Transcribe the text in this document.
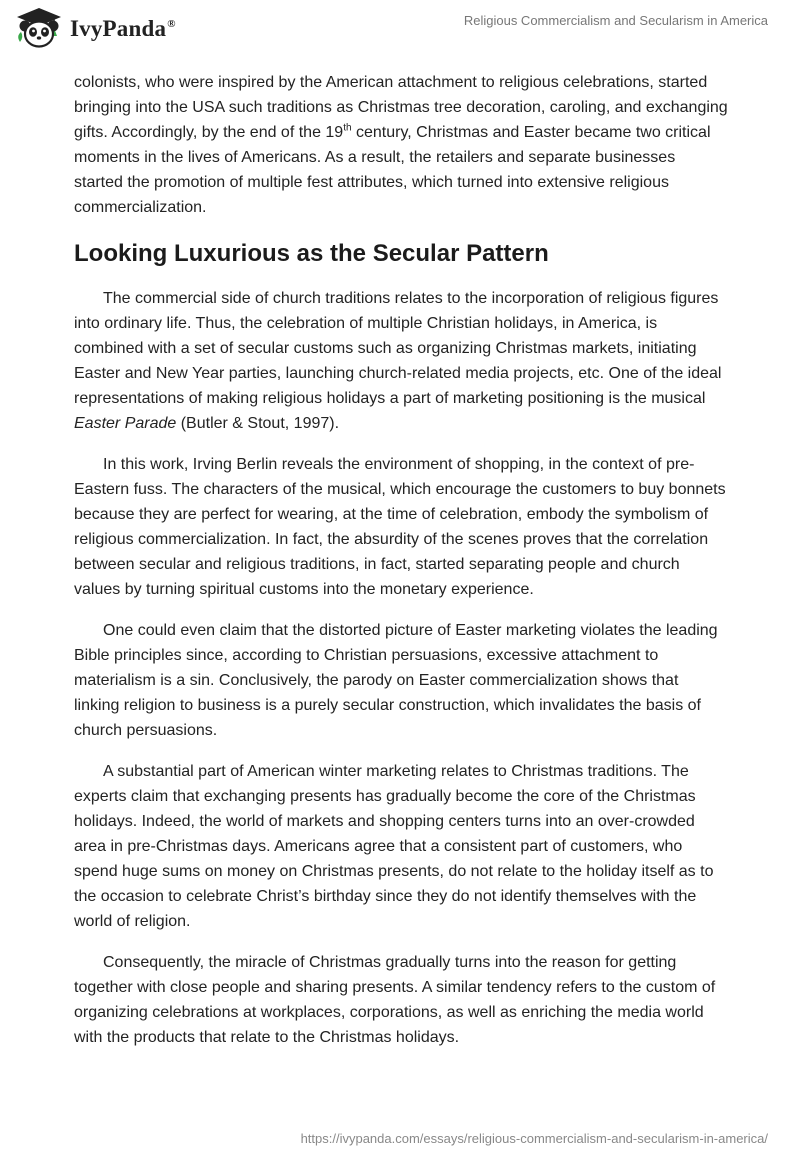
IvyPanda®	Religious Commercialism and Secularism in America

colonists, who were inspired by the American attachment to religious celebrations, started bringing into the USA such traditions as Christmas tree decoration, caroling, and exchanging gifts. Accordingly, by the end of the 19th century, Christmas and Easter became two critical moments in the lives of Americans. As a result, the retailers and separate businesses started the promotion of multiple fest attributes, which turned into extensive religious commercialization.

Looking Luxurious as the Secular Pattern

The commercial side of church traditions relates to the incorporation of religious figures into ordinary life. Thus, the celebration of multiple Christian holidays, in America, is combined with a set of secular customs such as organizing Christmas markets, initiating Easter and New Year parties, launching church-related media projects, etc. One of the ideal representations of making religious holidays a part of marketing positioning is the musical Easter Parade (Butler & Stout, 1997).

In this work, Irving Berlin reveals the environment of shopping, in the context of pre-Eastern fuss. The characters of the musical, which encourage the customers to buy bonnets because they are perfect for wearing, at the time of celebration, embody the symbolism of religious commercialization. In fact, the absurdity of the scenes proves that the correlation between secular and religious traditions, in fact, started separating people and church values by turning spiritual customs into the monetary experience.

One could even claim that the distorted picture of Easter marketing violates the leading Bible principles since, according to Christian persuasions, excessive attachment to materialism is a sin. Conclusively, the parody on Easter commercialization shows that linking religion to business is a purely secular construction, which invalidates the basis of church persuasions.

A substantial part of American winter marketing relates to Christmas traditions. The experts claim that exchanging presents has gradually become the core of the Christmas holidays. Indeed, the world of markets and shopping centers turns into an over-crowded area in pre-Christmas days. Americans agree that a consistent part of customers, who spend huge sums on money on Christmas presents, do not relate to the holiday itself as to the occasion to celebrate Christ’s birthday since they do not identify themselves with the world of religion.

Consequently, the miracle of Christmas gradually turns into the reason for getting together with close people and sharing presents. A similar tendency refers to the custom of organizing celebrations at workplaces, corporations, as well as enriching the media world with the products that relate to the Christmas holidays.

https://ivypanda.com/essays/religious-commercialism-and-secularism-in-america/
